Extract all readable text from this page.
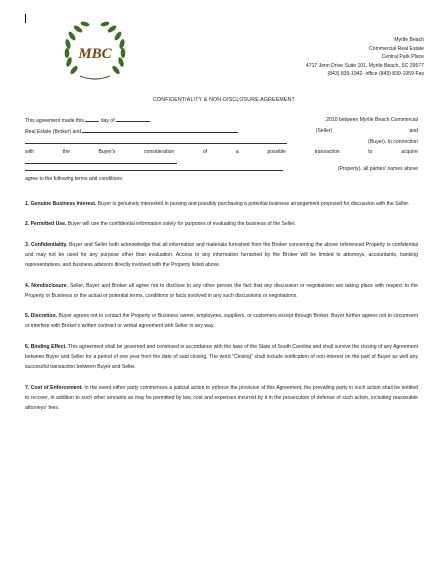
MBC
Myrtle Beach
Commercial Real Estate
Central Park Place
4717 Jenn Drive Suite 101, Myrtle Beach, SC 29577
(843) 839-1942- office (843) 839-1959-Fax
CONFIDENTIALITY & NON-DISCLOSURE AGREEMENT
This agreement made this	day of	,2010 between Myrtle Beach Commercial
Real Estate (Broker) and	(Seller)	and
(Buyer). In connection
with	the	Buyer's	consideration	of	a	possible	transaction	to	acquire
(Property), all parties' names above
agree to the following terms and conditions:

1. Genuine Business Interest. Buyer is genuinely interested in pursing and possibly purchasing a potential business arrangement proposed for discussion with the Seller.

2. Permitted Use. Buyer will use the confidential information solely for purposes of evaluating the business of the Seller.

3. Confidentiality. Buyer and Seller both acknowledge that all information and materials furnished from the Broker concerning the above referenced Property is confidential and may not be used for any purpose other than evaluation. Access to any information furnished by the Broker will be limited to attorneys, accountants, banking representatives, and business advisors directly involved with the Property listed above.

4. Nondisclosure. Seller, Buyer and Broker all agree not to disclose to any other person the fact that any discussion or negotiations are taking place with respect to the Property or Business or the actual or potential terms, conditions or facts involved in any such discussions or negotiations.

5. Discretion. Buyer agrees not to contact the Property or Business owner, employees, suppliers, or customers except through Broker. Buyer further agrees not to circumvent or interfere with Broker's written contract or verbal agreement with Seller in any way.

6. Binding Effect. This agreement shall be governed and construed in accordance with the laws of the State of South Carolina and shall survive the closing of any Agreement between Buyer and Seller for a period of one year from the date of said closing. The word "Closing" shall include notification of non-interest on the part of Buyer as well any successful transaction between Buyer and Seller.

7. Cost of Enforcement. In the event either party commences a judicial action to enforce the provision of this Agreement, the prevailing party in such action shall be entitled to recover, in addition to such other amounts as may be permitted by law, cost and expenses incurred by it in the prosecution of defense of such action, including reasonable attorneys' fees.
